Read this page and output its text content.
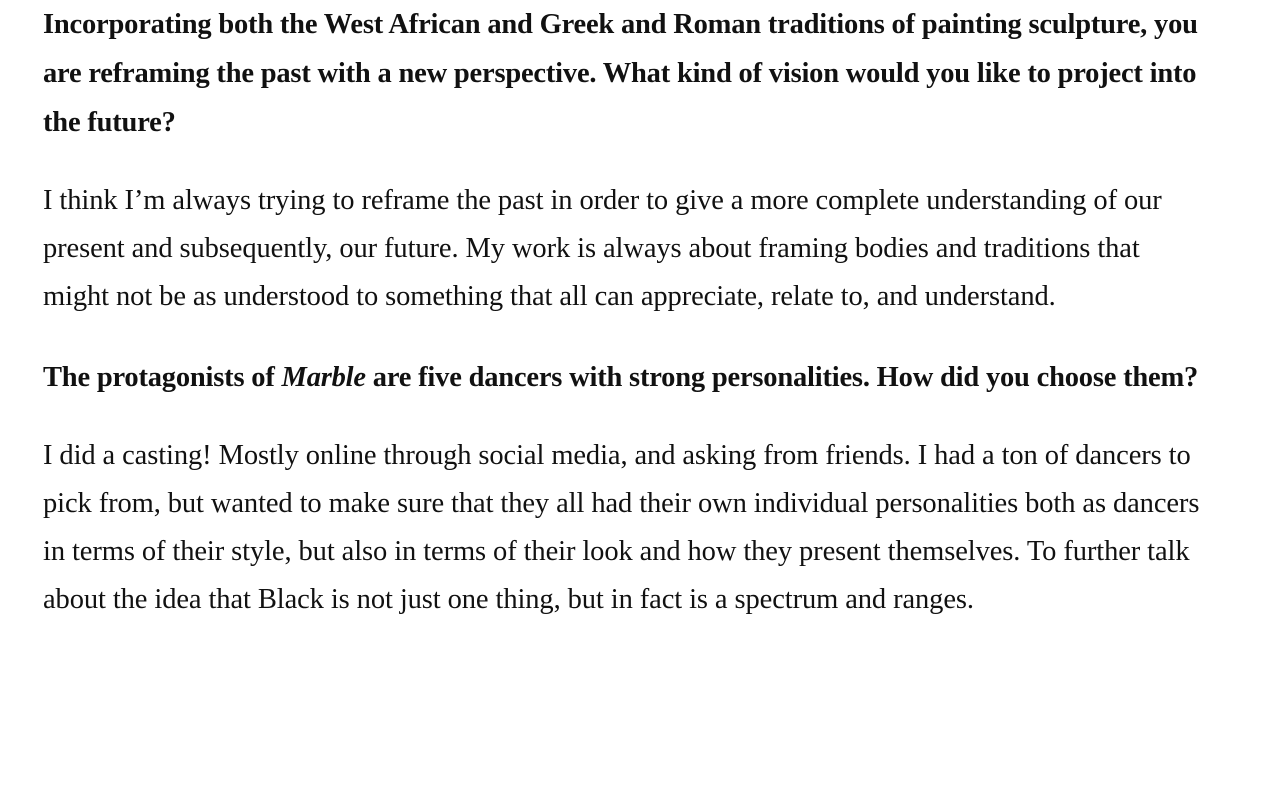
Incorporating both the West African and Greek and Roman traditions of painting sculpture, you are reframing the past with a new perspective. What kind of vision would you like to project into the future?

I think I’m always trying to reframe the past in order to give a more complete understanding of our present and subsequently, our future. My work is always about framing bodies and traditions that might not be as understood to something that all can appreciate, relate to, and understand.

The protagonists of Marble are five dancers with strong personalities. How did you choose them?

I did a casting! Mostly online through social media, and asking from friends. I had a ton of dancers to pick from, but wanted to make sure that they all had their own individual personalities both as dancers in terms of their style, but also in terms of their look and how they present themselves. To further talk about the idea that Black is not just one thing, but in fact is a spectrum and ranges.
